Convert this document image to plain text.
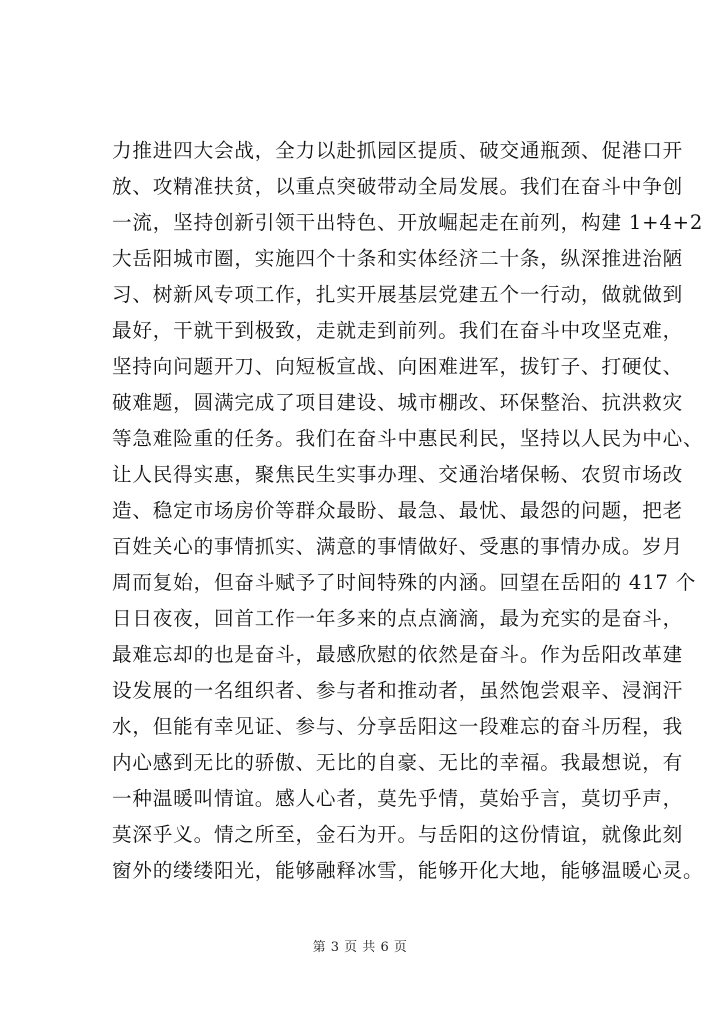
力推进四大会战，全力以赴抓园区提质、破交通瓶颈、促港口开
放、攻精准扶贫，以重点突破带动全局发展。我们在奋斗中争创
一流，坚持创新引领干出特色、开放崛起走在前列，构建 1+4+2
大岳阳城市圈，实施四个十条和实体经济二十条，纵深推进治陋
习、树新风专项工作，扎实开展基层党建五个一行动，做就做到
最好，干就干到极致，走就走到前列。我们在奋斗中攻坚克难，
坚持向问题开刀、向短板宣战、向困难进军，拔钉子、打硬仗、
破难题，圆满完成了项目建设、城市棚改、环保整治、抗洪救灾
等急难险重的任务。我们在奋斗中惠民利民，坚持以人民为中心、
让人民得实惠，聚焦民生实事办理、交通治堵保畅、农贸市场改
造、稳定市场房价等群众最盼、最急、最忧、最怨的问题，把老
百姓关心的事情抓实、满意的事情做好、受惠的事情办成。岁月
周而复始，但奋斗赋予了时间特殊的内涵。回望在岳阳的 417 个
日日夜夜，回首工作一年多来的点点滴滴，最为充实的是奋斗，
最难忘却的也是奋斗，最感欣慰的依然是奋斗。作为岳阳改革建
设发展的一名组织者、参与者和推动者，虽然饱尝艰辛、浸润汗
水，但能有幸见证、参与、分享岳阳这一段难忘的奋斗历程，我
内心感到无比的骄傲、无比的自豪、无比的幸福。我最想说，有
一种温暖叫情谊。感人心者，莫先乎情，莫始乎言，莫切乎声，
莫深乎义。情之所至，金石为开。与岳阳的这份情谊，就像此刻
窗外的缕缕阳光，能够融释冰雪，能够开化大地，能够温暖心灵。
第 3 页 共 6 页
